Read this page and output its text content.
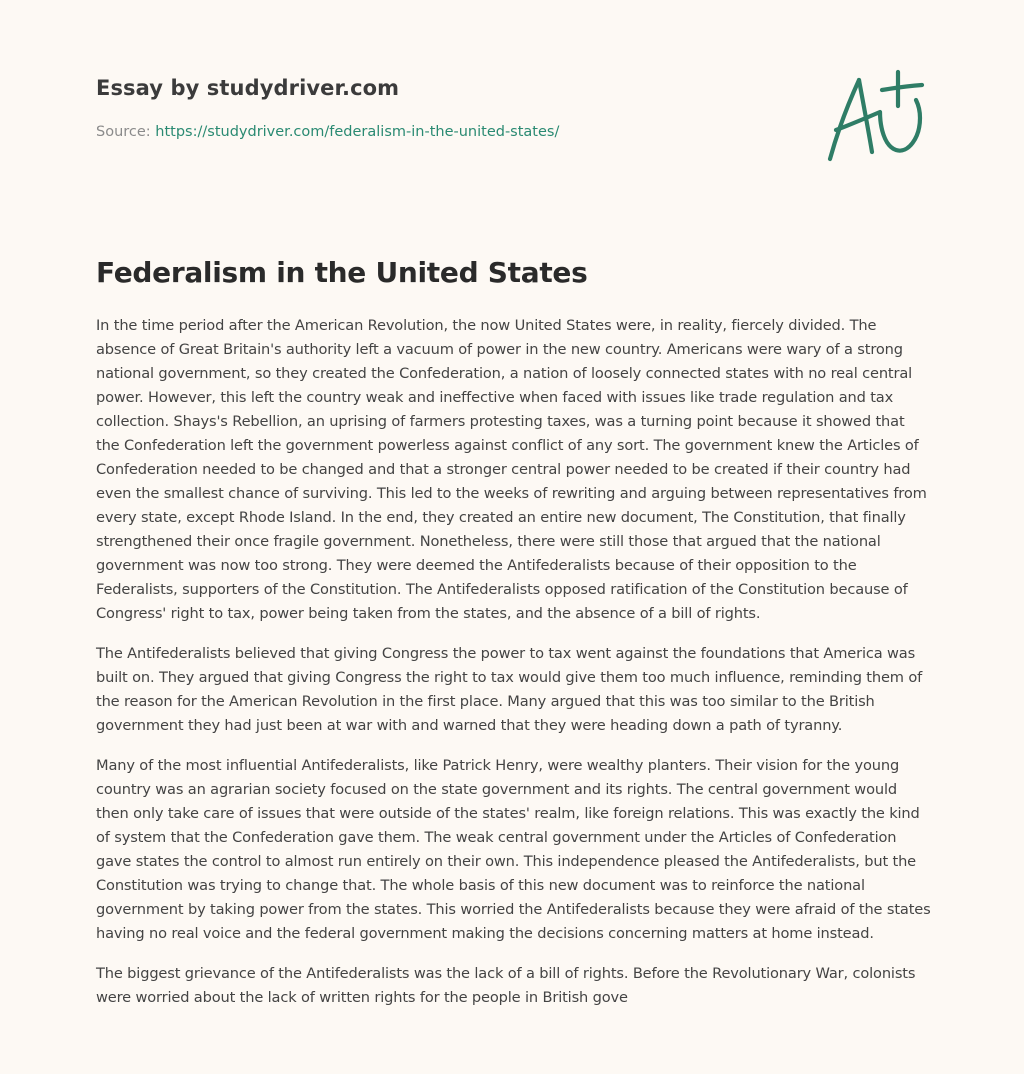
Essay by studydriver.com
Source: https://studydriver.com/federalism-in-the-united-states/
Federalism in the United States

In the time period after the American Revolution, the now United States were, in reality, fiercely divided. The absence of Great Britain's authority left a vacuum of power in the new country. Americans were wary of a strong national government, so they created the Confederation, a nation of loosely connected states with no real central power. However, this left the country weak and ineffective when faced with issues like trade regulation and tax collection. Shays's Rebellion, an uprising of farmers protesting taxes, was a turning point because it showed that the Confederation left the government powerless against conflict of any sort. The government knew the Articles of Confederation needed to be changed and that a stronger central power needed to be created if their country had even the smallest chance of surviving. This led to the weeks of rewriting and arguing between representatives from every state, except Rhode Island. In the end, they created an entire new document, The Constitution, that finally strengthened their once fragile government. Nonetheless, there were still those that argued that the national government was now too strong. They were deemed the Antifederalists because of their opposition to the Federalists, supporters of the Constitution. The Antifederalists opposed ratification of the Constitution because of Congress' right to tax, power being taken from the states, and the absence of a bill of rights.

The Antifederalists believed that giving Congress the power to tax went against the foundations that America was built on. They argued that giving Congress the right to tax would give them too much influence, reminding them of the reason for the American Revolution in the first place. Many argued that this was too similar to the British government they had just been at war with and warned that they were heading down a path of tyranny.

Many of the most influential Antifederalists, like Patrick Henry, were wealthy planters. Their vision for the young country was an agrarian society focused on the state government and its rights. The central government would then only take care of issues that were outside of the states' realm, like foreign relations. This was exactly the kind of system that the Confederation gave them. The weak central government under the Articles of Confederation gave states the control to almost run entirely on their own. This independence pleased the Antifederalists, but the Constitution was trying to change that. The whole basis of this new document was to reinforce the national government by taking power from the states. This worried the Antifederalists because they were afraid of the states having no real voice and the federal government making the decisions concerning matters at home instead.

The biggest grievance of the Antifederalists was the lack of a bill of rights. Before the Revolutionary War, colonists were worried about the lack of written rights for the people in British gove
